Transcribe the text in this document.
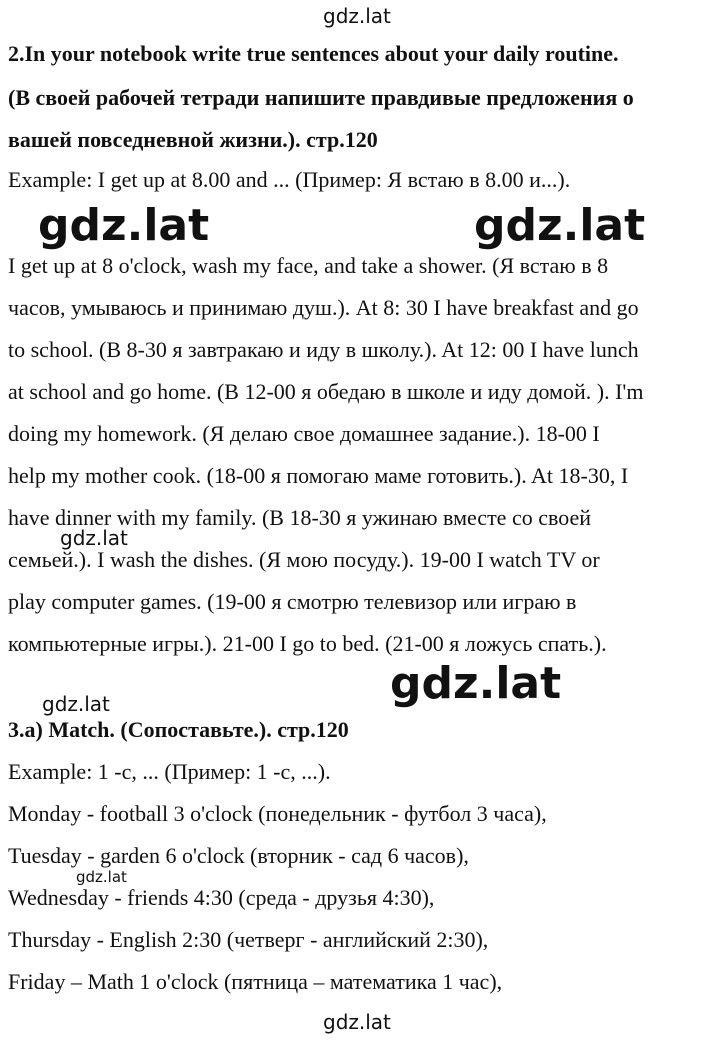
gdz.lat
gdz.lat	gdz.lat
gdz.lat
gdz.lat
gdz.lat
gdz.lat
gdz.lat
2.In your notebook write true sentences about your daily routine.
(В своей рабочей тетради напишите правдивые предложения о
вашей повседневной жизни.). стр.120
Example: I get up at 8.00 and ... (Пример: Я встаю в 8.00 и...).
I get up at 8 o'clock, wash my face, and take a shower. (Я встаю в 8
часов, умываюсь и принимаю душ.). At 8: 30 I have breakfast and go
to school. (В 8-30 я завтракаю и иду в школу.). At 12: 00 I have lunch
at school and go home. (В 12-00 я обедаю в школе и иду домой. ). I'm
doing my homework. (Я делаю свое домашнее задание.). 18-00 I
help my mother cook. (18-00 я помогаю маме готовить.). At 18-30, I
have dinner with my family. (В 18-30 я ужинаю вместе со своей
семьей.). I wash the dishes. (Я мою посуду.). 19-00 I watch TV or
play computer games. (19-00 я смотрю телевизор или играю в
компьютерные игры.). 21-00 I go to bed. (21-00 я ложусь спать.).
3.a) Match. (Сопоставьте.). стр.120
Example: 1 -c, ... (Пример: 1 -c, ...).
Monday - football 3 o'clock (понедельник - футбол 3 часа),
Tuesday - garden 6 o'clock (вторник - сад 6 часов),
Wednesday - friends 4:30 (среда - друзья 4:30),
Thursday - English 2:30 (четверг - английский 2:30),
Friday – Math 1 o'clock (пятница – математика 1 час),
